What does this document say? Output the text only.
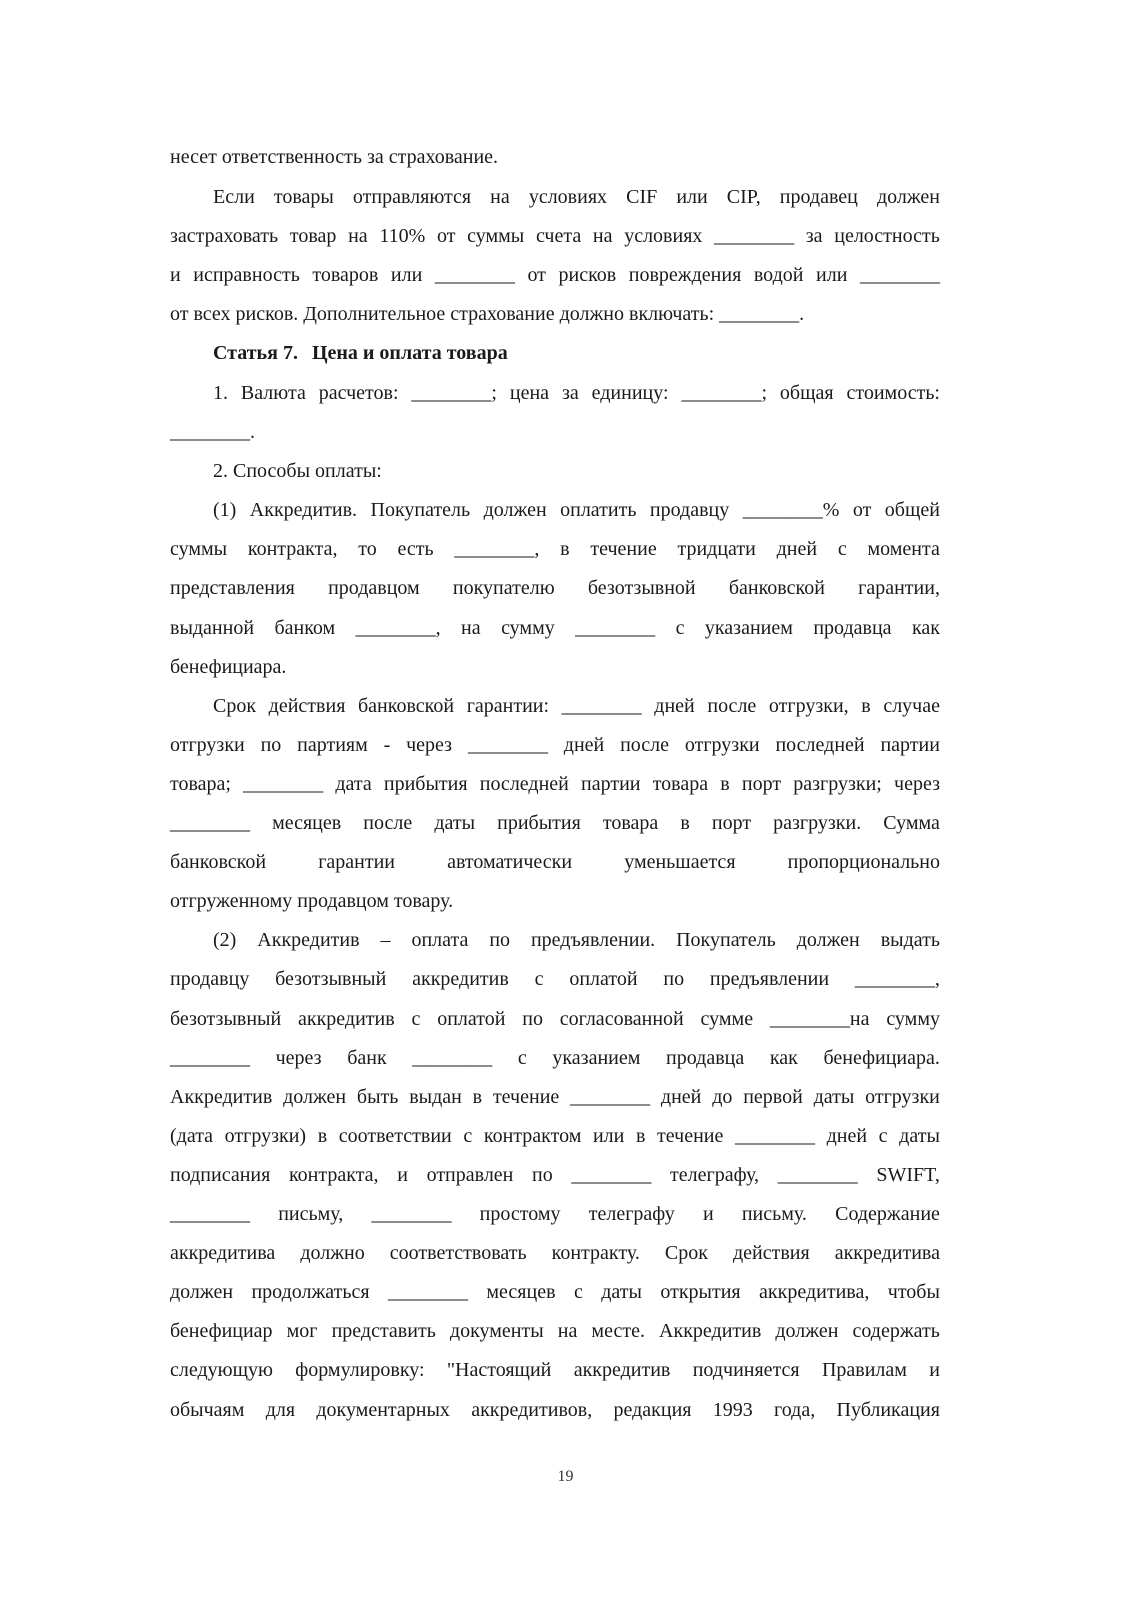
несет ответственность за страхование.
Если товары отправляются на условиях CIF или CIP, продавец должен
застраховать товар на 110% от суммы счета на условиях ________ за целостность
и исправность товаров или ________ от рисков повреждения водой или ________
от всех рисков. Дополнительное страхование должно включать: ________.
Статья 7. Цена и оплата товара
1. Валюта расчетов: ________; цена за единицу: ________; общая стоимость:
________.
2. Способы оплаты:
(1) Аккредитив. Покупатель должен оплатить продавцу ________% от общей
суммы контракта, то есть ________, в течение тридцати дней с момента
представления продавцом покупателю безотзывной банковской гарантии,
выданной банком ________, на сумму ________ с указанием продавца как
бенефициара.
Срок действия банковской гарантии: ________ дней после отгрузки, в случае
отгрузки по партиям - через ________ дней после отгрузки последней партии
товара; ________ дата прибытия последней партии товара в порт разгрузки; через
________ месяцев после даты прибытия товара в порт разгрузки. Сумма
банковской	гарантии	автоматически	уменьшается	пропорционально
отгруженному продавцом товару.
(2) Аккредитив – оплата по предъявлении. Покупатель должен выдать
продавцу безотзывный аккредитив с оплатой по предъявлении ________,
безотзывный аккредитив с оплатой по согласованной сумме ________на сумму
________ через банк ________ с указанием продавца как бенефициара.
Аккредитив должен быть выдан в течение ________ дней до первой даты отгрузки
(дата отгрузки) в соответствии с контрактом или в течение ________ дней с даты
подписания контракта, и отправлен по ________ телеграфу, ________ SWIFT,
________ письму, ________ простому телеграфу и письму. Содержание
аккредитива должно соответствовать контракту. Срок действия аккредитива
должен продолжаться ________ месяцев с даты открытия аккредитива, чтобы
бенефициар мог представить документы на месте. Аккредитив должен содержать
следующую формулировку: "Настоящий аккредитив подчиняется Правилам и
обычаям для документарных аккредитивов, редакция 1993 года, Публикация
19
